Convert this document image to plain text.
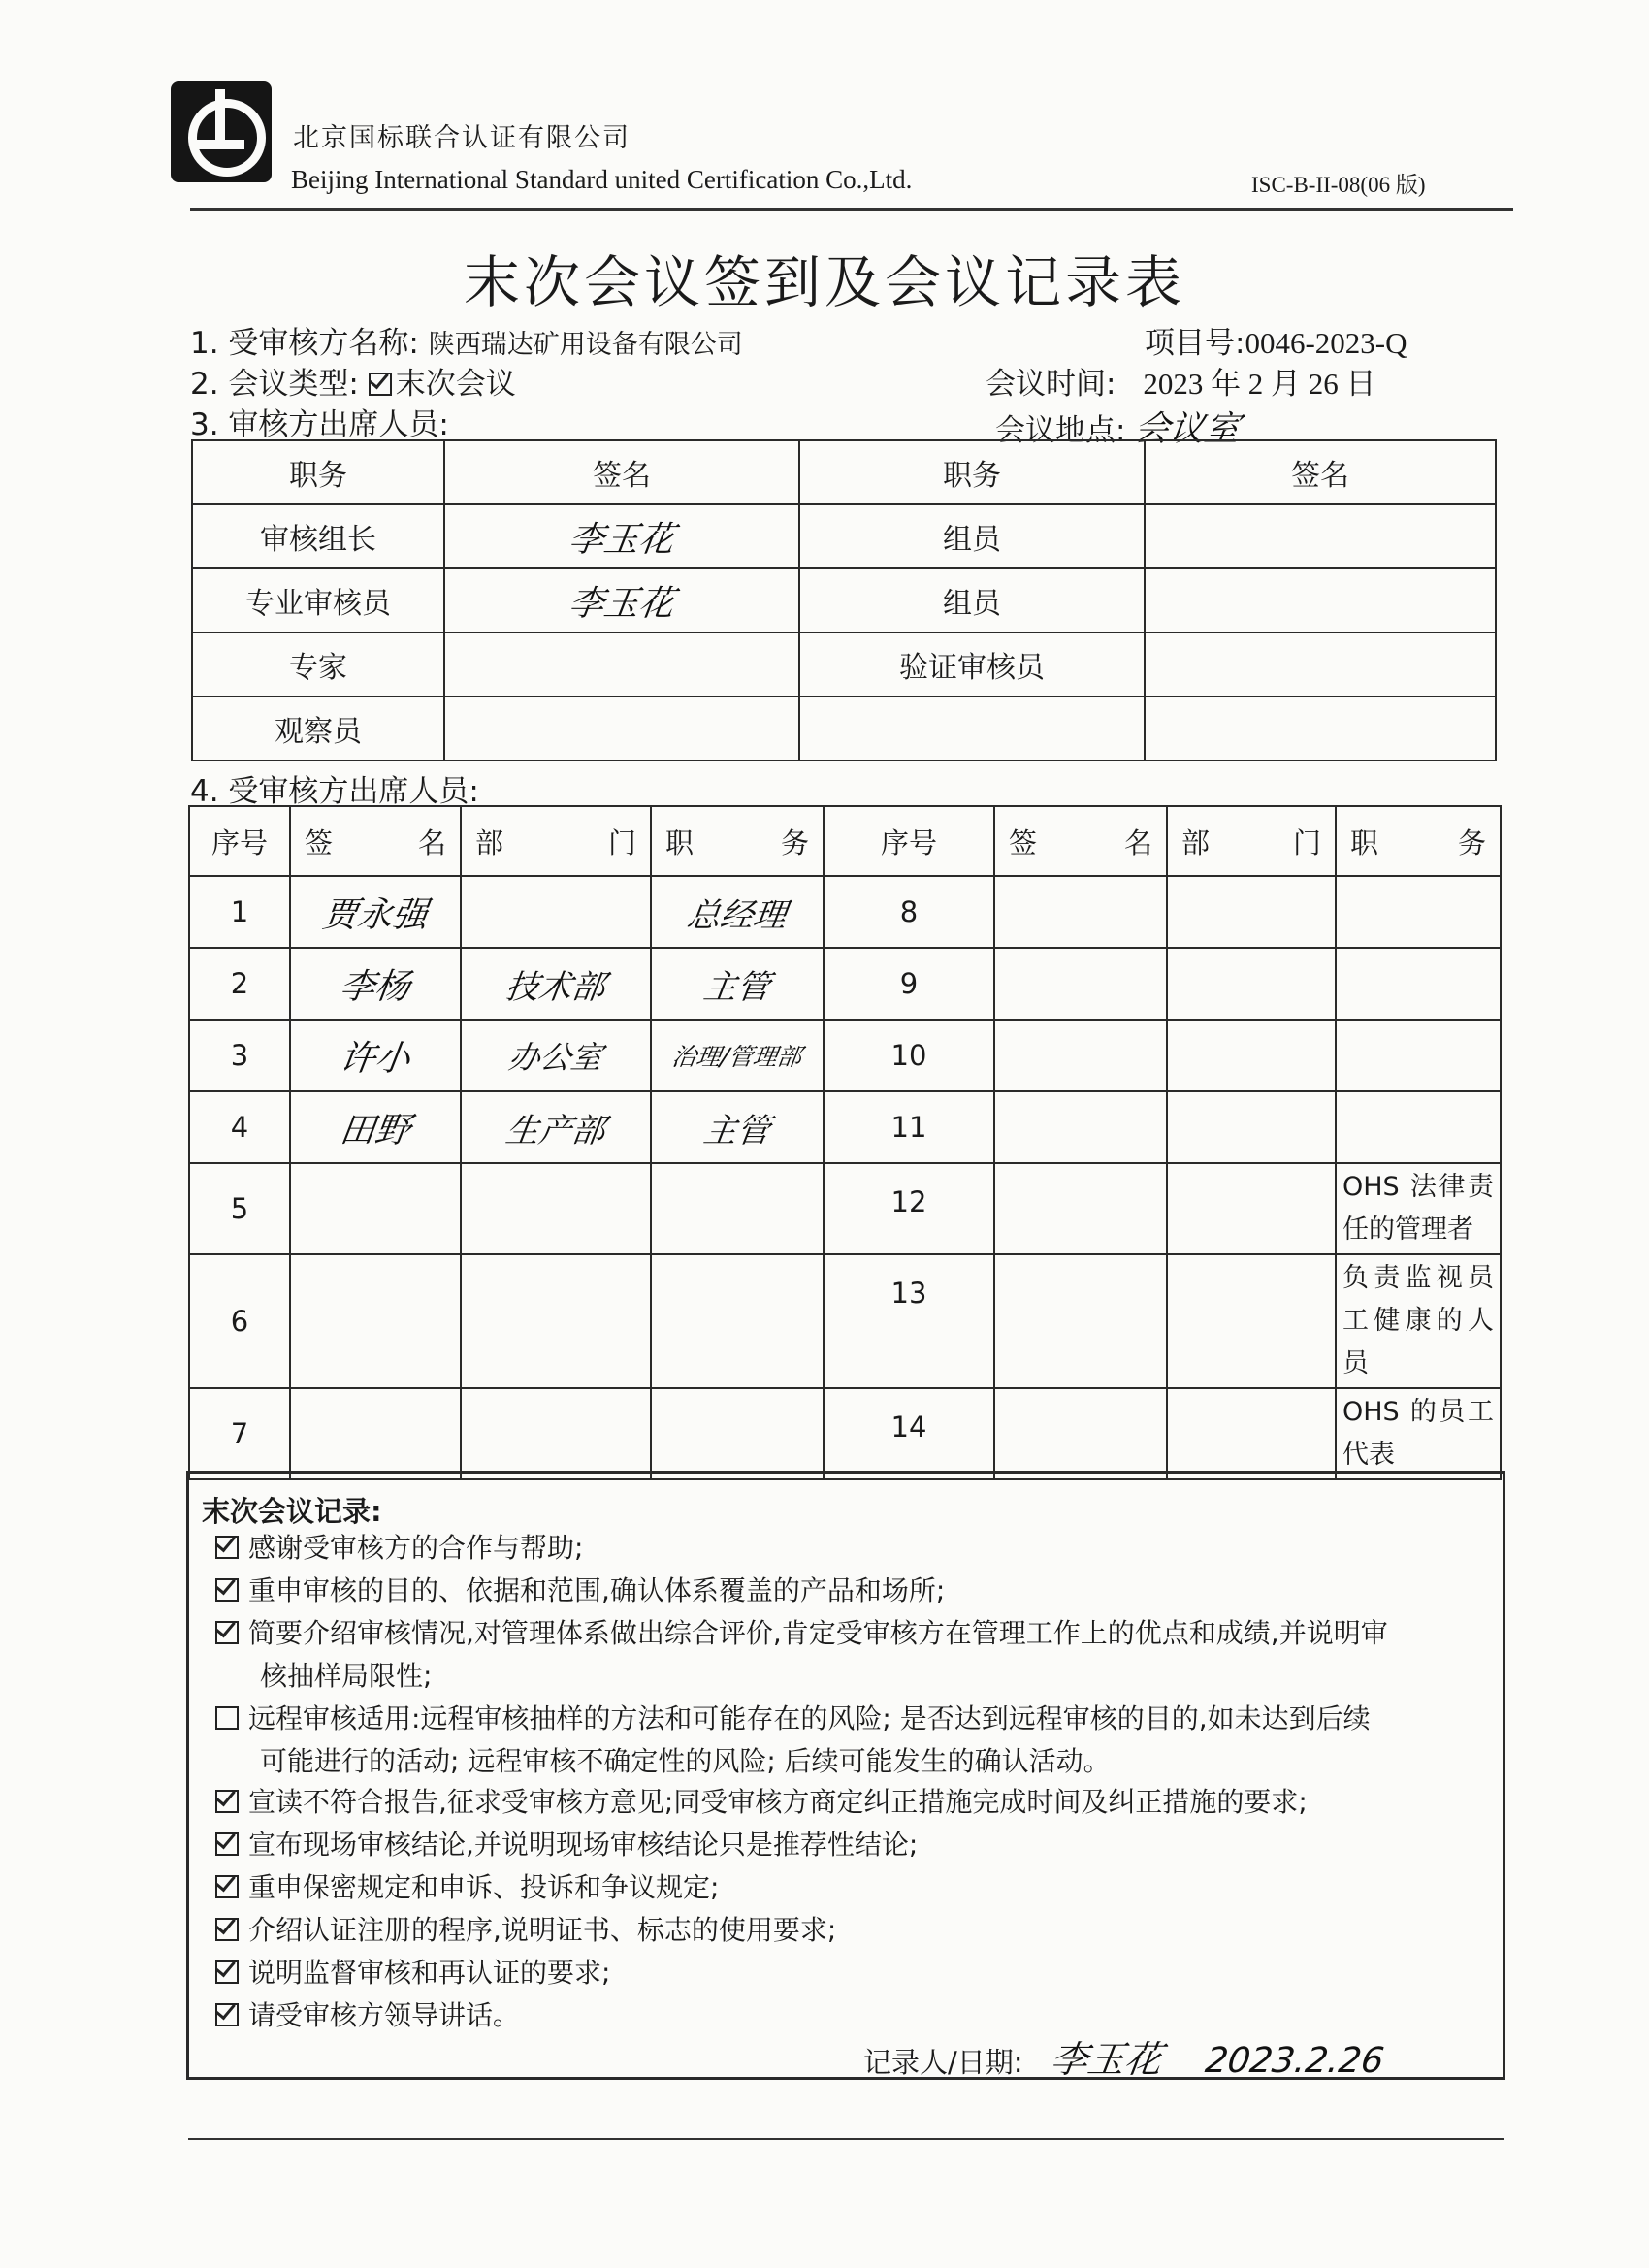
北京国标联合认证有限公司
Beijing International Standard united Certification Co.,Ltd.	ISC-B-II-08(06 版)
末次会议签到及会议记录表
1. 受审核方名称: 陕西瑞达矿用设备有限公司	项目号:0046-2023-Q
2. 会议类型: 末次会议	会议时间: 2023 年 2 月 26 日
3. 审核方出席人员:	会议地点: 会议室
职务	签名	职务	签名
审核组长	李玉花	组员	
专业审核员	李玉花	组员	
专家		验证审核员	
观察员			
4. 受审核方出席人员:
序号	签 名	部 门	职 务	序号	签 名	部 门	职 务

1	贾永强		总经理	8			
2	李杨	技术部	主管	9			
3	许小	办公室	治理/管理部	10			
4	田野	生产部	主管	11			
5				12			OHS 法律责任的管理者
6				13			负责监视员工健康的人员
7				14			OHS 的员工代表
末次会议记录:
感谢受审核方的合作与帮助;
重申审核的目的、依据和范围,确认体系覆盖的产品和场所;
简要介绍审核情况,对管理体系做出综合评价,肯定受审核方在管理工作上的优点和成绩,并说明审
核抽样局限性;
远程审核适用:远程审核抽样的方法和可能存在的风险; 是否达到远程审核的目的,如未达到后续
可能进行的活动; 远程审核不确定性的风险; 后续可能发生的确认活动。
宣读不符合报告,征求受审核方意见;同受审核方商定纠正措施完成时间及纠正措施的要求;
宣布现场审核结论,并说明现场审核结论只是推荐性结论;
重申保密规定和申诉、投诉和争议规定;
介绍认证注册的程序,说明证书、标志的使用要求;
说明监督审核和再认证的要求;
请受审核方领导讲话。
记录人/日期: 李玉花 2023.2.26
